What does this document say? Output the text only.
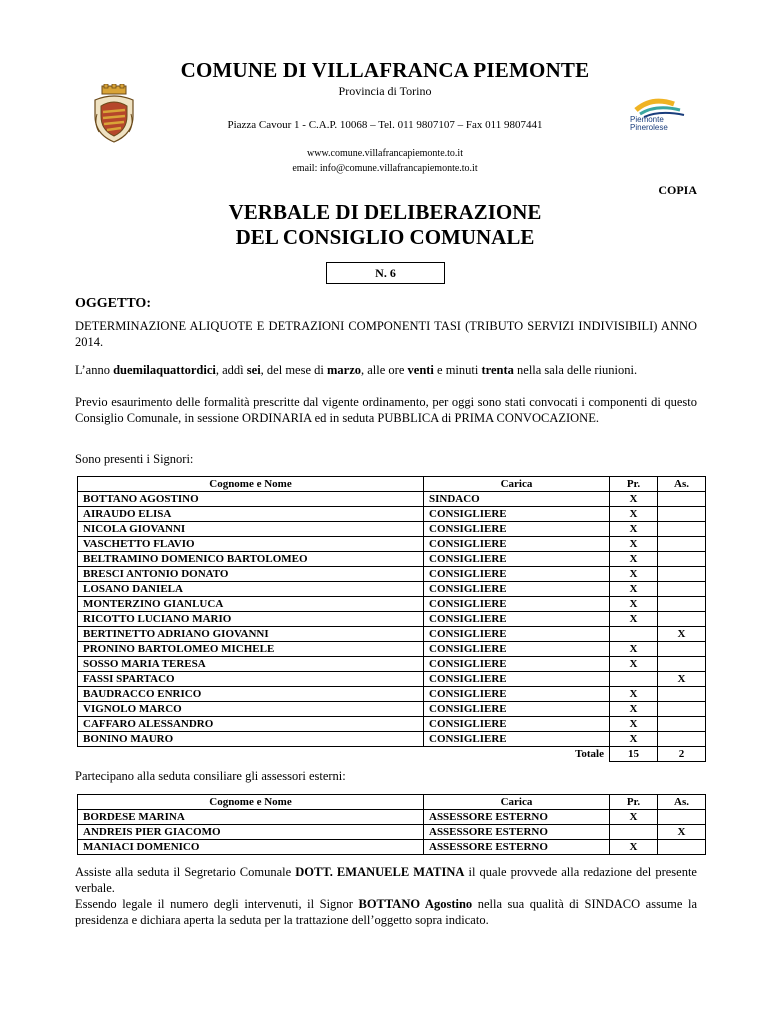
Piemonte Pinerolese
COMUNE DI VILLAFRANCA PIEMONTE
Provincia di Torino
Piazza Cavour 1 - C.A.P. 10068 – Tel. 011 9807107 – Fax 011 9807441
www.comune.villafrancapiemonte.to.it
email: info@comune.villafrancapiemonte.to.it
COPIA
VERBALE DI DELIBERAZIONE
DEL CONSIGLIO COMUNALE
N. 6
OGGETTO:
DETERMINAZIONE ALIQUOTE E DETRAZIONI COMPONENTI TASI (TRIBUTO SERVIZI INDIVISIBILI) ANNO 2014.
L’anno duemilaquattordici, addì sei, del mese di marzo, alle ore venti e minuti trenta nella sala delle riunioni.
Previo esaurimento delle formalità prescritte dal vigente ordinamento, per oggi sono stati convocati i componenti di questo Consiglio Comunale, in sessione ORDINARIA ed in seduta PUBBLICA di PRIMA CONVOCAZIONE.
Sono presenti i Signori:
Cognome e Nome	Carica	Pr.	As.
BOTTANO AGOSTINO	SINDACO	X	
AIRAUDO ELISA	CONSIGLIERE	X	
NICOLA GIOVANNI	CONSIGLIERE	X	
VASCHETTO FLAVIO	CONSIGLIERE	X	
BELTRAMINO DOMENICO BARTOLOMEO	CONSIGLIERE	X	
BRESCI ANTONIO DONATO	CONSIGLIERE	X	
LOSANO DANIELA	CONSIGLIERE	X	
MONTERZINO GIANLUCA	CONSIGLIERE	X	
RICOTTO LUCIANO MARIO	CONSIGLIERE	X	
BERTINETTO ADRIANO GIOVANNI	CONSIGLIERE		X
PRONINO BARTOLOMEO MICHELE	CONSIGLIERE	X	
SOSSO MARIA TERESA	CONSIGLIERE	X	
FASSI SPARTACO	CONSIGLIERE		X
BAUDRACCO ENRICO	CONSIGLIERE	X	
VIGNOLO MARCO	CONSIGLIERE	X	
CAFFARO ALESSANDRO	CONSIGLIERE	X	
BONINO MAURO	CONSIGLIERE	X	
	Totale	15	2
Partecipano alla seduta consiliare gli assessori esterni:
Cognome e Nome	Carica	Pr.	As.
BORDESE MARINA	ASSESSORE ESTERNO	X	
ANDREIS PIER GIACOMO	ASSESSORE ESTERNO		X
MANIACI DOMENICO	ASSESSORE ESTERNO	X	
Assiste alla seduta il Segretario Comunale DOTT. EMANUELE MATINA il quale provvede alla redazione del presente verbale.
Essendo legale il numero degli intervenuti, il Signor BOTTANO Agostino nella sua qualità di SINDACO assume la presidenza e dichiara aperta la seduta per la trattazione dell’oggetto sopra indicato.
